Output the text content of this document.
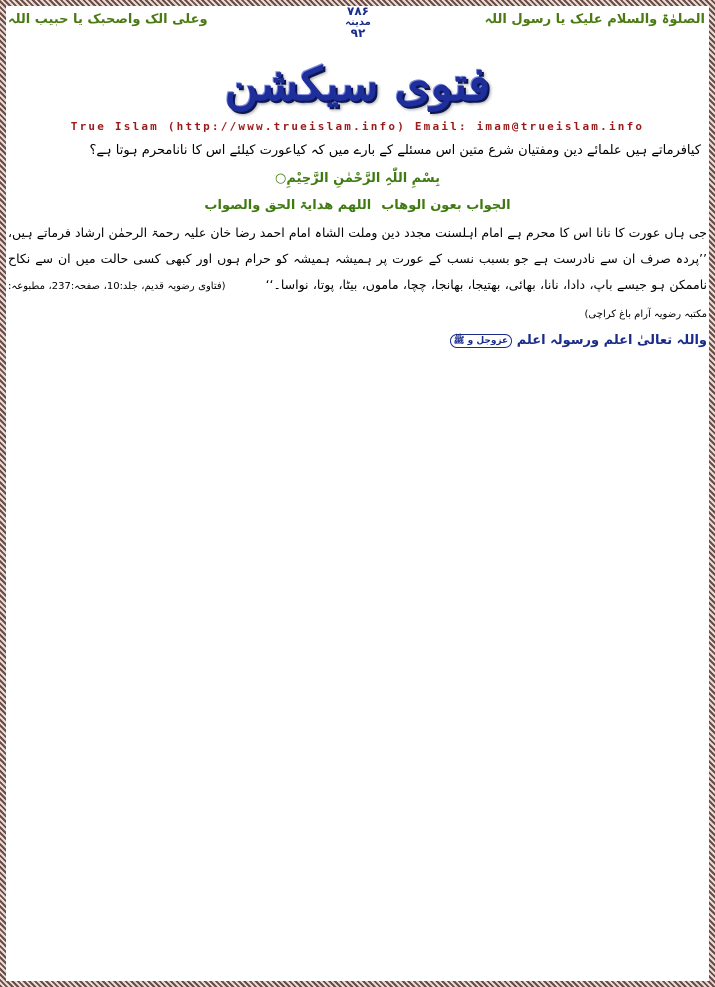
الصلوٰۃ والسلام علیک یا رسول اللہ
۷۸۶
مدینہ
۹۲
وعلی الک واصحبک یا حبیب اللہ
فتوی سیکشن
True Islam (http://www.trueislam.info) Email: imam@trueislam.info
کیافرماتے ہیں علمائے دین ومفتیان شرع متین اس مسئلے کے بارے میں کہ کیاعورت کیلئے اس کا نانامحرم ہوتا ہے؟
بِسْمِ اللّٰہِ الرَّحْمٰنِ الرَّحِیْمِ○
الجواب بعون الوھاباللھم ھدایۃ الحق والصواب

جی ہاں عورت کا نانا اس کا محرم ہے امام اہلسنت مجدد دین وملت الشاہ امام احمد رضا خان علیہ رحمۃ الرحمٰن ارشاد فرماتے ہیں، ’’پردہ صرف ان سے نادرست ہے جو بسبب نسب کے عورت پر ہمیشہ ہمیشہ کو حرام ہوں اور کبھی کسی حالت میں ان سے نکاح ناممکن ہو جیسے باپ، دادا، نانا، بھائی، بھتیجا، بھانجا، چچا، ماموں، بیٹا، پوتا، نواسا۔‘‘(فتاوی رضویہ قدیم، جلد:10، صفحہ:237، مطبوعہ: مکتبہ رضویہ آرام باغ کراچی)

واللہ تعالیٰ اعلم ورسولہ اعلم عزوجل و ﷺ
